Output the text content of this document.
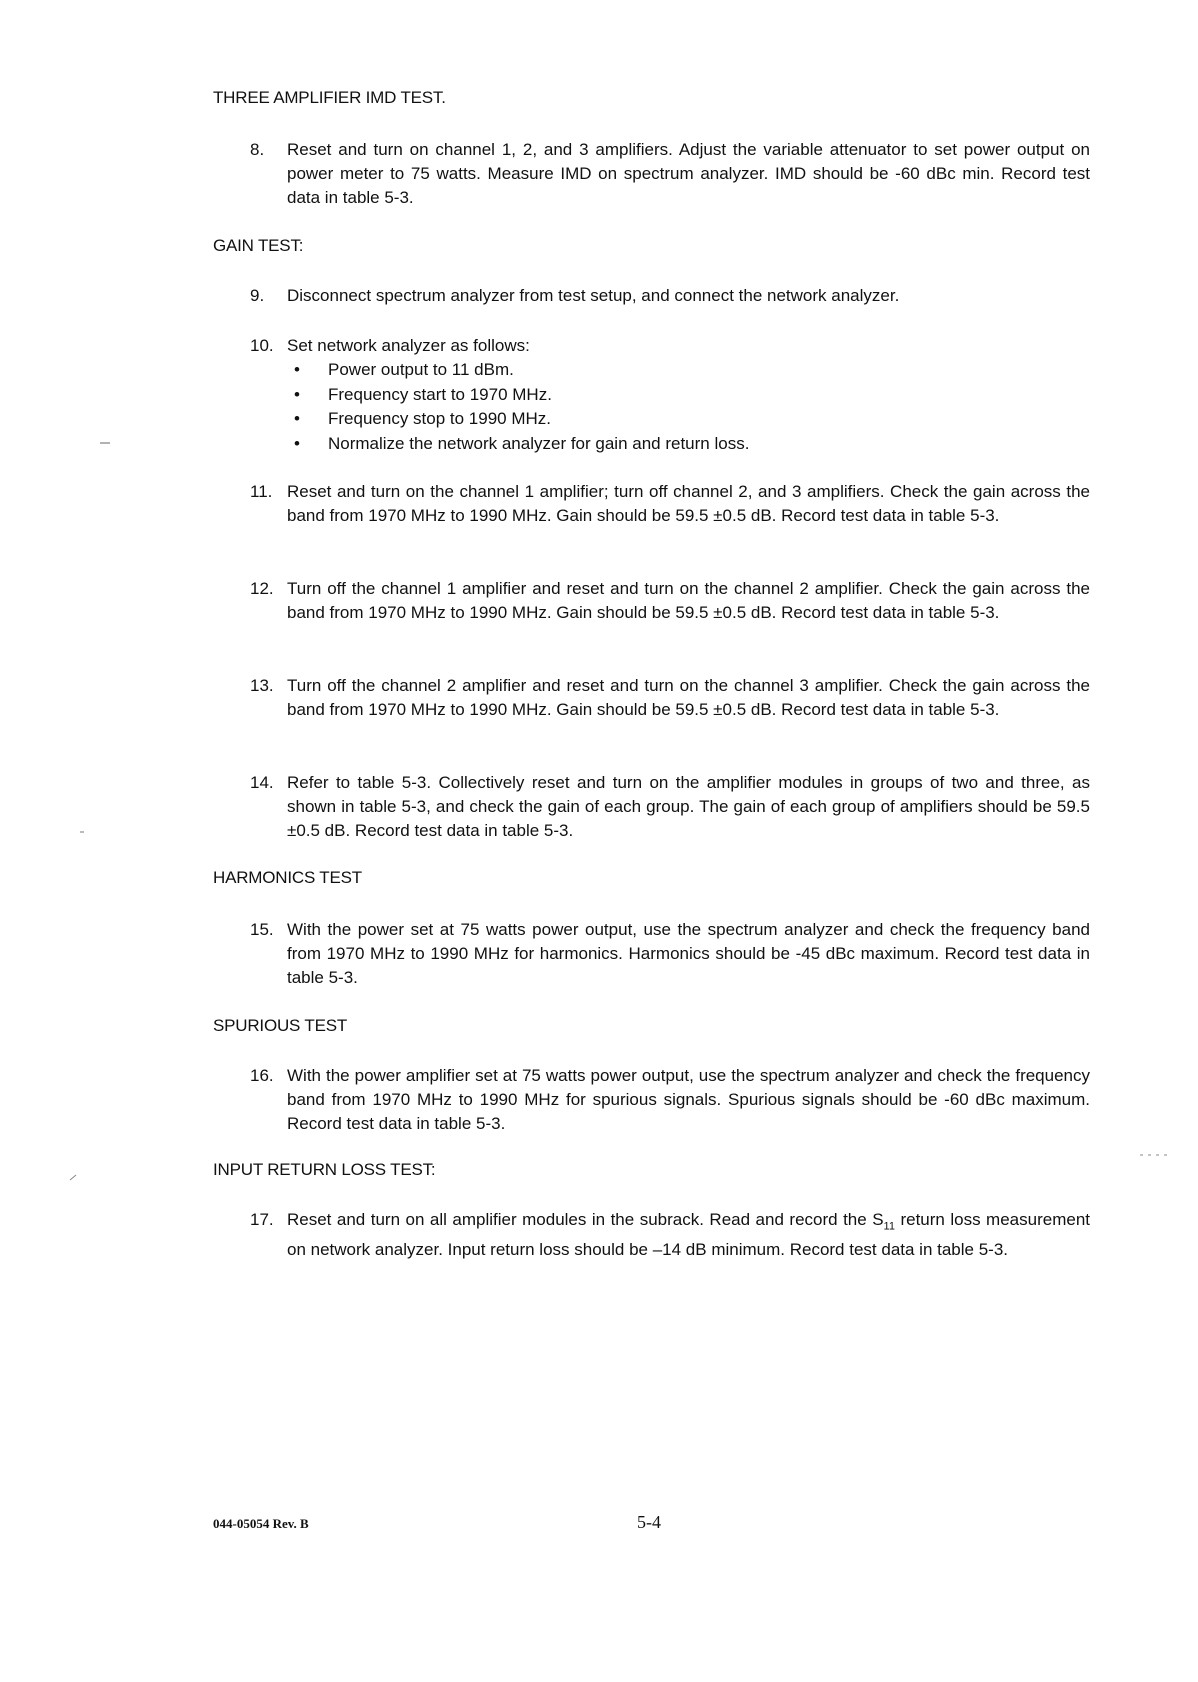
THREE AMPLIFIER IMD TEST.
8. Reset and turn on channel 1, 2, and 3 amplifiers. Adjust the variable attenuator to set power output on power meter to 75 watts. Measure IMD on spectrum analyzer. IMD should be -60 dBc min. Record test data in table 5-3.
GAIN TEST:
9. Disconnect spectrum analyzer from test setup, and connect the network analyzer.
10. Set network analyzer as follows:
• Power output to 11 dBm.
• Frequency start to 1970 MHz.
• Frequency stop to 1990 MHz.
• Normalize the network analyzer for gain and return loss.
11. Reset and turn on the channel 1 amplifier; turn off channel 2, and 3 amplifiers. Check the gain across the band from 1970 MHz to 1990 MHz. Gain should be 59.5 ±0.5 dB. Record test data in table 5-3.
12. Turn off the channel 1 amplifier and reset and turn on the channel 2 amplifier. Check the gain across the band from 1970 MHz to 1990 MHz. Gain should be 59.5 ±0.5 dB. Record test data in table 5-3.
13. Turn off the channel 2 amplifier and reset and turn on the channel 3 amplifier. Check the gain across the band from 1970 MHz to 1990 MHz. Gain should be 59.5 ±0.5 dB. Record test data in table 5-3.
14. Refer to table 5-3. Collectively reset and turn on the amplifier modules in groups of two and three, as shown in table 5-3, and check the gain of each group. The gain of each group of amplifiers should be 59.5 ±0.5 dB. Record test data in table 5-3.
HARMONICS TEST
15. With the power set at 75 watts power output, use the spectrum analyzer and check the frequency band from 1970 MHz to 1990 MHz for harmonics. Harmonics should be -45 dBc maximum. Record test data in table 5-3.
SPURIOUS TEST
16. With the power amplifier set at 75 watts power output, use the spectrum analyzer and check the frequency band from 1970 MHz to 1990 MHz for spurious signals. Spurious signals should be -60 dBc maximum. Record test data in table 5-3.
INPUT RETURN LOSS TEST:
17. Reset and turn on all amplifier modules in the subrack. Read and record the $S_{11}$ return loss measurement on network analyzer. Input return loss should be –14 dB minimum. Record test data in table 5-3.
044-05054 Rev. B	5-4
